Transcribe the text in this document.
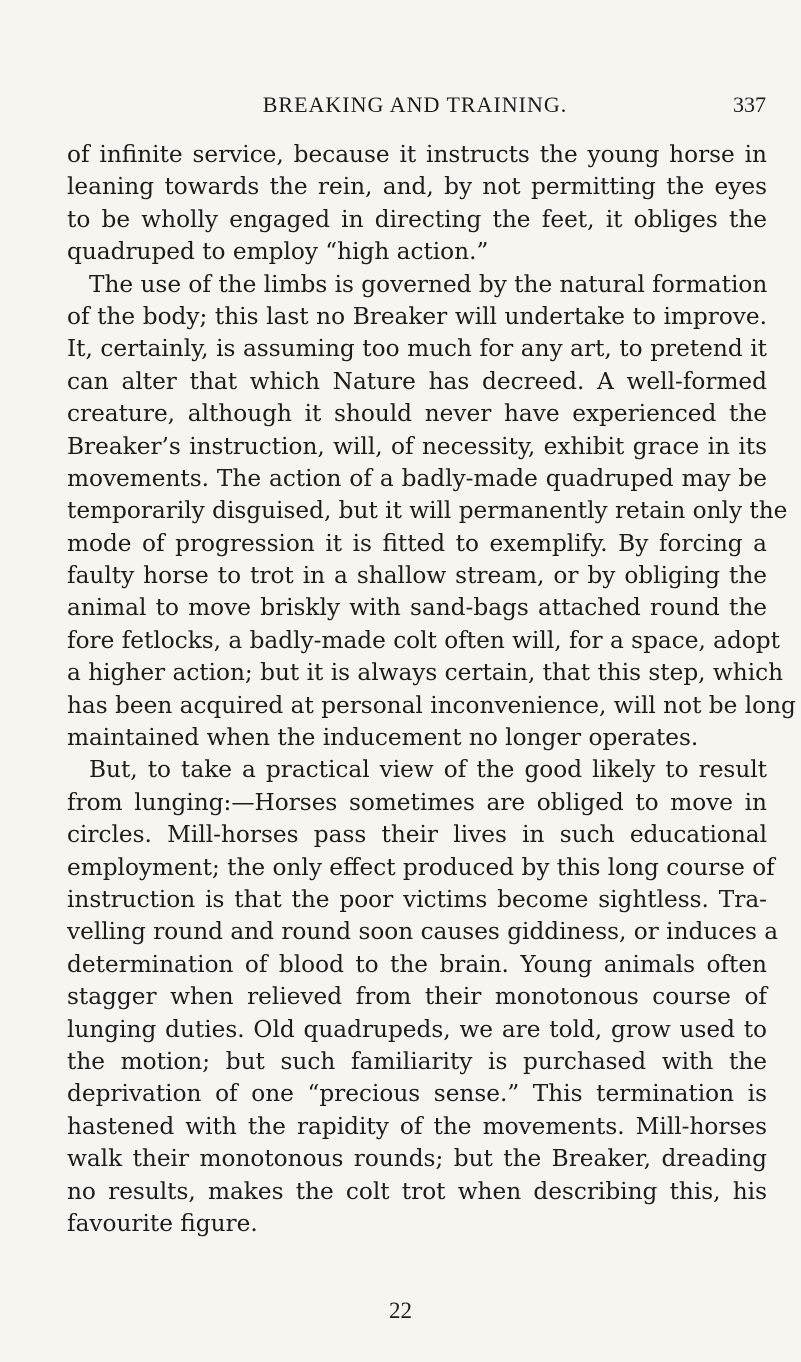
BREAKING AND TRAINING.	337
of infinite service, because it instructs the young horse in
leaning towards the rein, and, by not permitting the eyes
to be wholly engaged in directing the feet, it obliges the
quadruped to employ “high action.”
The use of the limbs is governed by the natural formation
of the body; this last no Breaker will undertake to improve.
It, certainly, is assuming too much for any art, to pretend it
can alter that which Nature has decreed. A well-formed
creature, although it should never have experienced the
Breaker’s instruction, will, of necessity, exhibit grace in its
movements. The action of a badly-made quadruped may be
temporarily disguised, but it will permanently retain only the
mode of progression it is fitted to exemplify. By forcing a
faulty horse to trot in a shallow stream, or by obliging the
animal to move briskly with sand-bags attached round the
fore fetlocks, a badly-made colt often will, for a space, adopt
a higher action; but it is always certain, that this step, which
has been acquired at personal inconvenience, will not be long
maintained when the inducement no longer operates.
But, to take a practical view of the good likely to result
from lunging:—Horses sometimes are obliged to move in
circles. Mill-horses pass their lives in such educational
employment; the only effect produced by this long course of
instruction is that the poor victims become sightless. Tra-
velling round and round soon causes giddiness, or induces a
determination of blood to the brain. Young animals often
stagger when relieved from their monotonous course of
lunging duties. Old quadrupeds, we are told, grow used to
the motion; but such familiarity is purchased with the
deprivation of one “precious sense.” This termination is
hastened with the rapidity of the movements. Mill-horses
walk their monotonous rounds; but the Breaker, dreading
no results, makes the colt trot when describing this, his
favourite figure.
22
